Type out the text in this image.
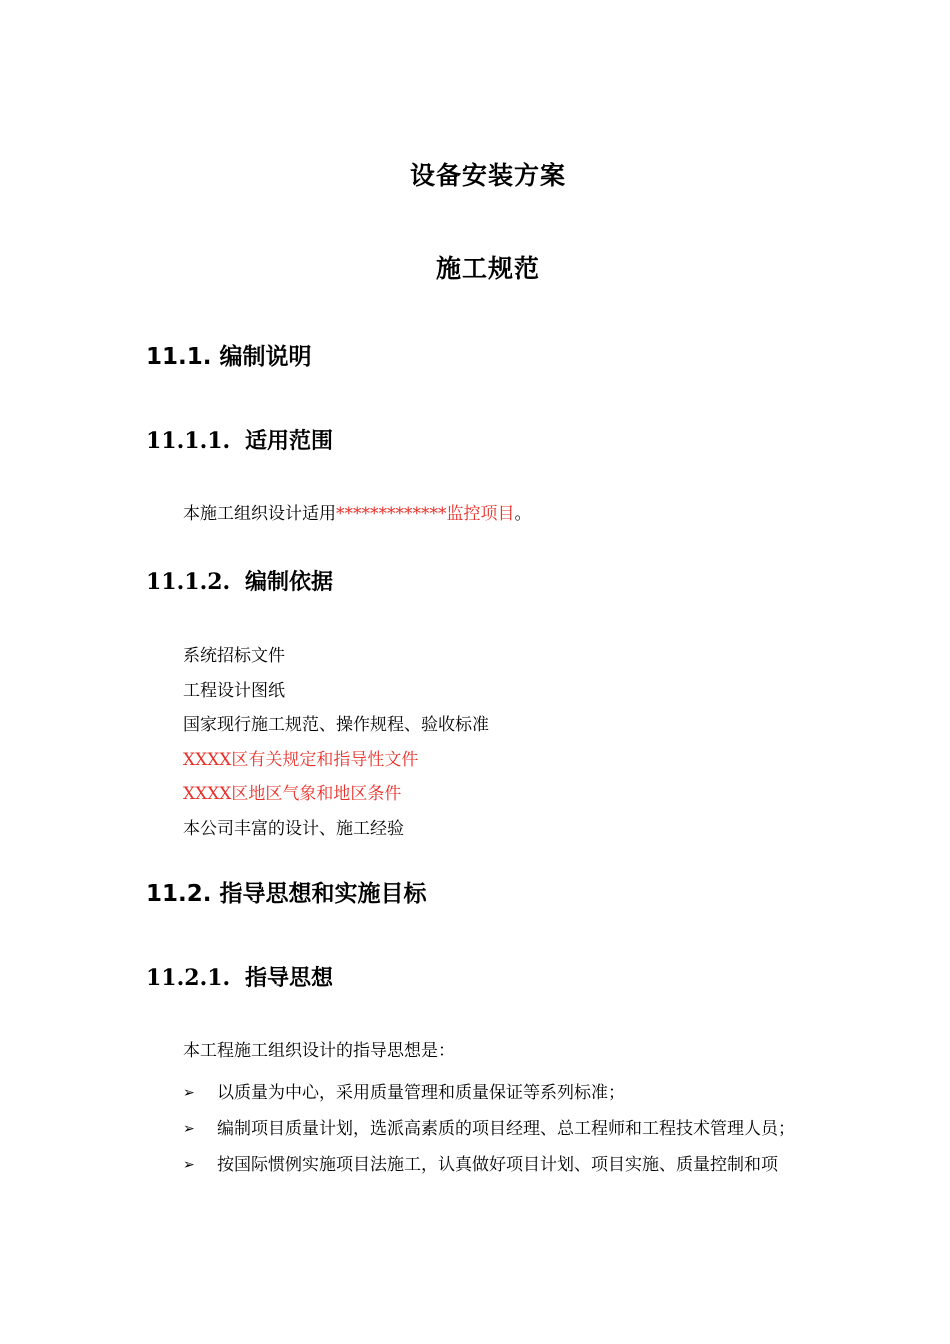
设备安装方案
施工规范
11.1. 编制说明
11.1.1. 适用范围
本施工组织设计适用*************监控项目。
11.1.2. 编制依据
系统招标文件
工程设计图纸
国家现行施工规范、操作规程、验收标准
XXXX区有关规定和指导性文件
XXXX区地区气象和地区条件
本公司丰富的设计、施工经验
11.2. 指导思想和实施目标
11.2.1. 指导思想
本工程施工组织设计的指导思想是：
➢ 以质量为中心，采用质量管理和质量保证等系列标准；
➢ 编制项目质量计划，选派高素质的项目经理、总工程师和工程技术管理人员；
➢ 按国际惯例实施项目法施工，认真做好项目计划、项目实施、质量控制和项
